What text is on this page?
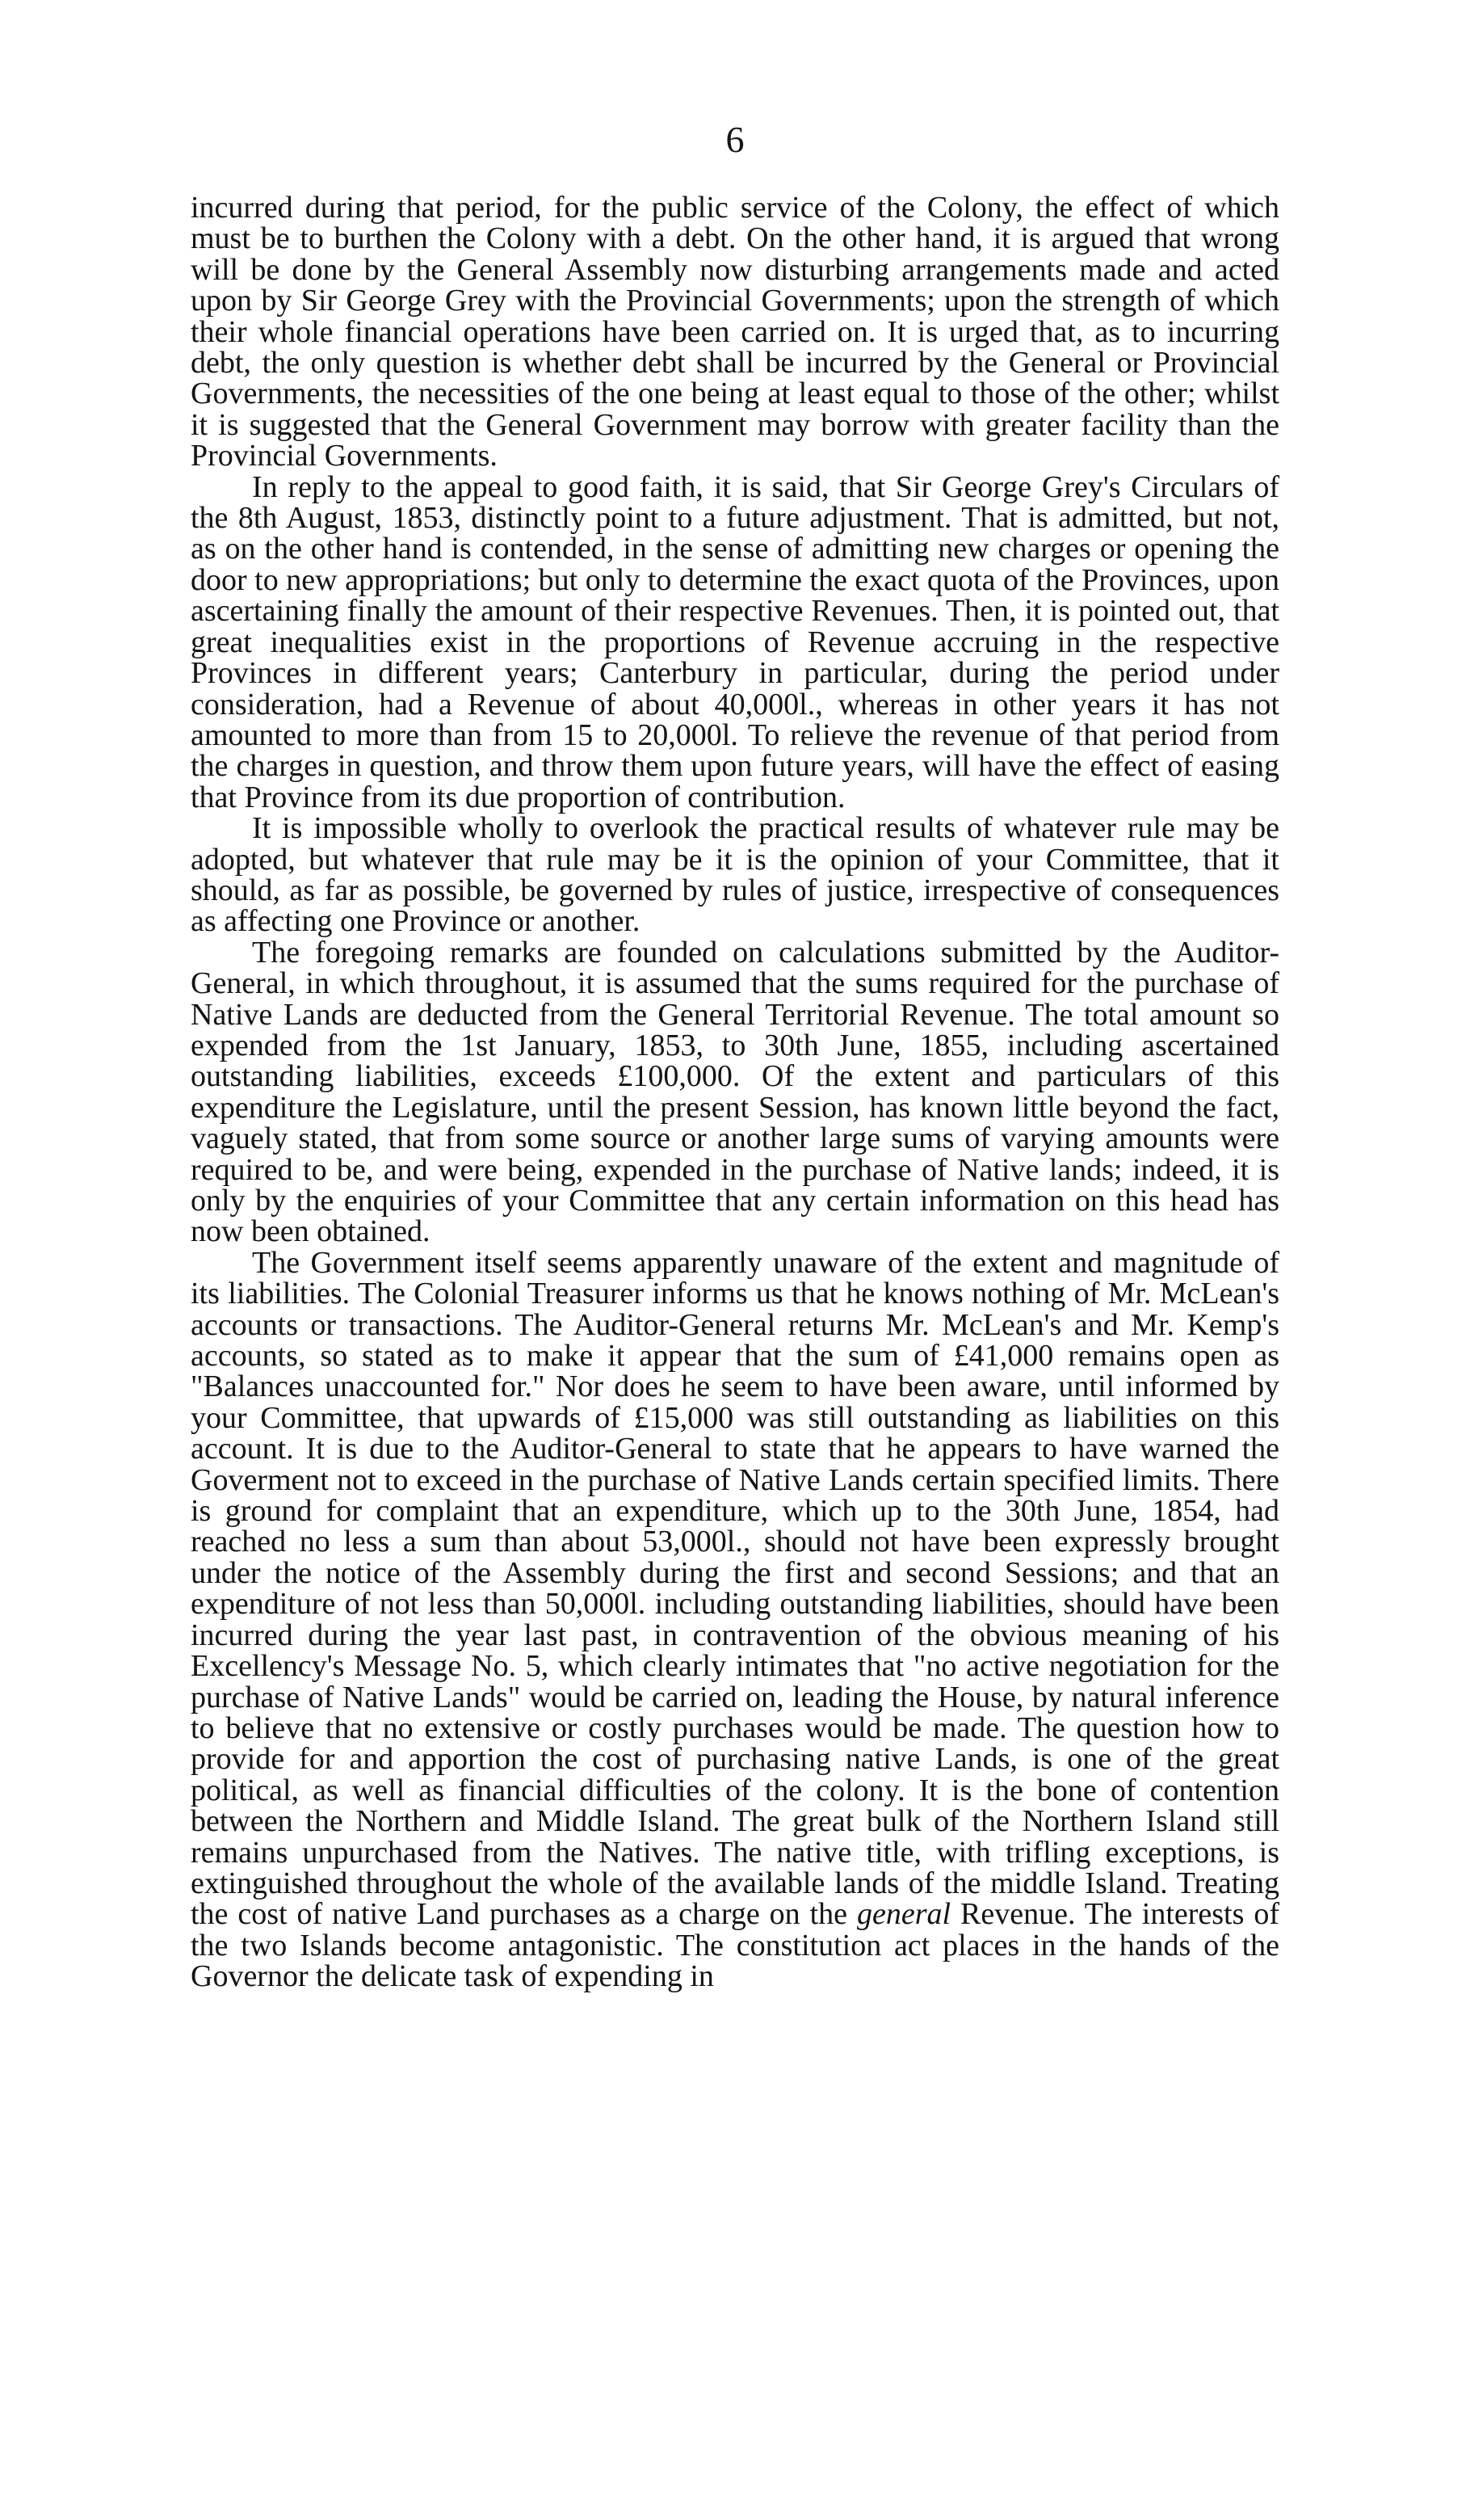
6

incurred during that period, for the public service of the Colony, the effect of which must be to burthen the Colony with a debt. On the other hand, it is argued that wrong will be done by the General Assembly now disturbing arrangements made and acted upon by Sir George Grey with the Provincial Governments; upon the strength of which their whole financial operations have been carried on. It is urged that, as to incurring debt, the only question is whether debt shall be incurred by the General or Provincial Governments, the necessities of the one being at least equal to those of the other; whilst it is suggested that the General Government may borrow with greater facility than the Provincial Governments.

In reply to the appeal to good faith, it is said, that Sir George Grey's Circulars of the 8th August, 1853, distinctly point to a future adjustment. That is admitted, but not, as on the other hand is contended, in the sense of admitting new charges or opening the door to new appropriations; but only to determine the exact quota of the Provinces, upon ascertaining finally the amount of their respective Revenues. Then, it is pointed out, that great inequalities exist in the proportions of Revenue accruing in the respective Provinces in different years; Canterbury in particular, during the period under consideration, had a Revenue of about 40,000l., whereas in other years it has not amounted to more than from 15 to 20,000l. To relieve the revenue of that period from the charges in question, and throw them upon future years, will have the effect of easing that Province from its due proportion of contribution.

It is impossible wholly to overlook the practical results of whatever rule may be adopted, but whatever that rule may be it is the opinion of your Committee, that it should, as far as possible, be governed by rules of justice, irrespective of consequences as affecting one Province or another.

The foregoing remarks are founded on calculations submitted by the Auditor-General, in which throughout, it is assumed that the sums required for the purchase of Native Lands are deducted from the General Territorial Revenue. The total amount so expended from the 1st January, 1853, to 30th June, 1855, including ascertained outstanding liabilities, exceeds £100,000. Of the extent and particulars of this expenditure the Legislature, until the present Session, has known little beyond the fact, vaguely stated, that from some source or another large sums of varying amounts were required to be, and were being, expended in the purchase of Native lands; indeed, it is only by the enquiries of your Committee that any certain information on this head has now been obtained.

The Government itself seems apparently unaware of the extent and magnitude of its liabilities. The Colonial Treasurer informs us that he knows nothing of Mr. McLean's accounts or transactions. The Auditor-General returns Mr. McLean's and Mr. Kemp's accounts, so stated as to make it appear that the sum of £41,000 remains open as "Balances unaccounted for." Nor does he seem to have been aware, until informed by your Committee, that upwards of £15,000 was still outstanding as liabilities on this account. It is due to the Auditor-General to state that he appears to have warned the Goverment not to exceed in the purchase of Native Lands certain specified limits. There is ground for complaint that an expenditure, which up to the 30th June, 1854, had reached no less a sum than about 53,000l., should not have been expressly brought under the notice of the Assembly during the first and second Sessions; and that an expenditure of not less than 50,000l. including outstanding liabilities, should have been incurred during the year last past, in contravention of the obvious meaning of his Excellency's Message No. 5, which clearly intimates that "no active negotiation for the purchase of Native Lands" would be carried on, leading the House, by natural inference to believe that no extensive or costly purchases would be made. The question how to provide for and apportion the cost of purchasing native Lands, is one of the great political, as well as financial difficulties of the colony. It is the bone of contention between the Northern and Middle Island. The great bulk of the Northern Island still remains unpurchased from the Natives. The native title, with trifling exceptions, is extinguished throughout the whole of the available lands of the middle Island. Treating the cost of native Land purchases as a charge on the general Revenue. The interests of the two Islands become antagonistic. The constitution act places in the hands of the Governor the delicate task of expending in
